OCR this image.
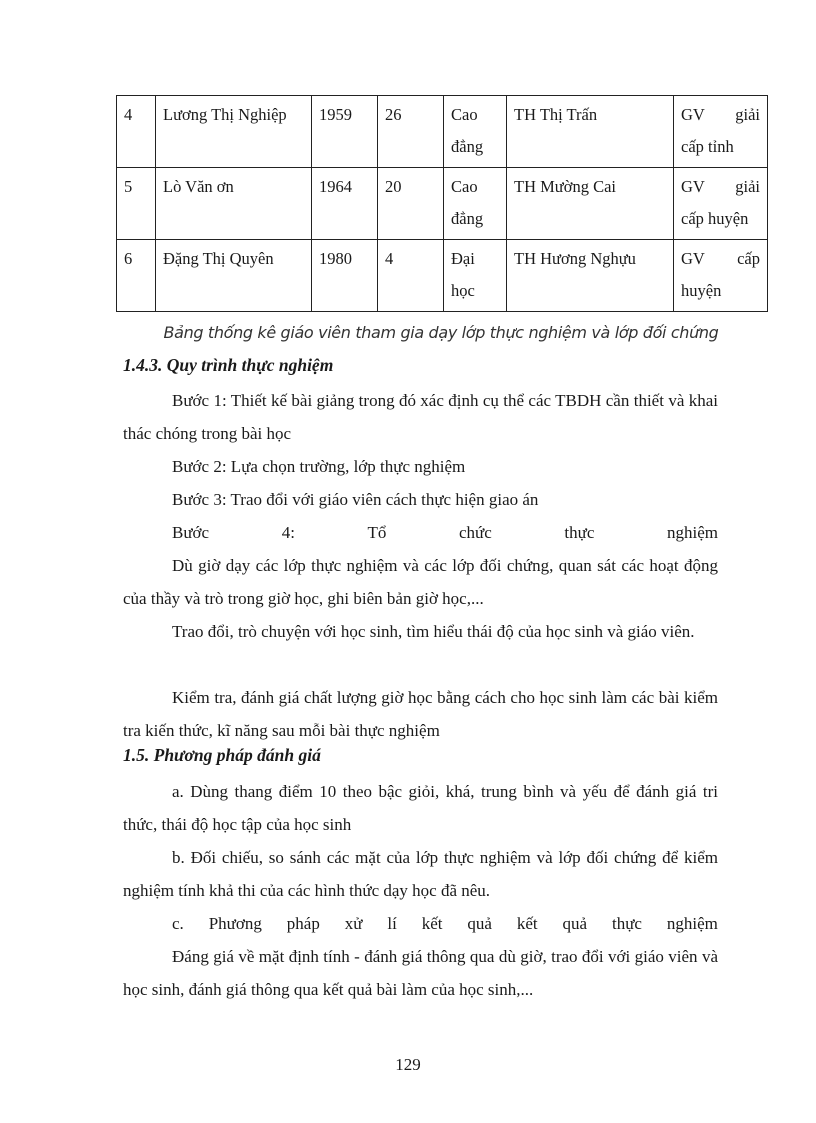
4	Lương Thị Nghiệp	1959	26	Cao đẳng	TH Thị Trấn	GV giải
cấp tỉnh

5	Lò Văn ơn	1964	20	Cao đẳng	TH Mường Cai	GV giải
cấp huyện

6	Đặng Thị Quyên	1980	4	Đại học	TH Hương Nghựu	GV cấp
huyện
Bảng thống kê giáo viên tham gia dạy lớp thực nghiệm và lớp đối chứng
1.4.3. Quy trình thực nghiệm
Bước 1: Thiết kế bài giảng trong đó xác định cụ thể các TBDH cần thiết và khai thác chóng trong bài học
Bước 2: Lựa chọn trường, lớp thực nghiệm
Bước 3: Trao đổi với giáo viên cách thực hiện giao án
Bước	4:	Tổ	chức	thực	nghiệm
Dù giờ dạy các lớp thực nghiệm và các lớp đối chứng, quan sát các hoạt động của thầy và trò trong giờ học, ghi biên bản giờ học,...
Trao đổi, trò chuyện với học sinh, tìm hiểu thái độ của học sinh và giáo viên.
Kiểm tra, đánh giá chất lượng giờ học bằng cách cho học sinh làm các bài kiểm tra kiến thức, kĩ năng sau mỗi bài thực nghiệm
1.5. Phương pháp đánh giá
a. Dùng thang điểm 10 theo bậc giỏi, khá, trung bình và yếu để đánh giá tri thức, thái độ học tập của học sinh
b. Đối chiếu, so sánh các mặt của lớp thực nghiệm và lớp đối chứng để kiểm nghiệm tính khả thi của các hình thức dạy học đã nêu.
c. Phương pháp xử lí kết quả kết quả thực nghiệm
Đáng giá về mặt định tính - đánh giá thông qua dù giờ, trao đổi với giáo viên và học sinh, đánh giá thông qua kết quả bài làm của học sinh,...
129
